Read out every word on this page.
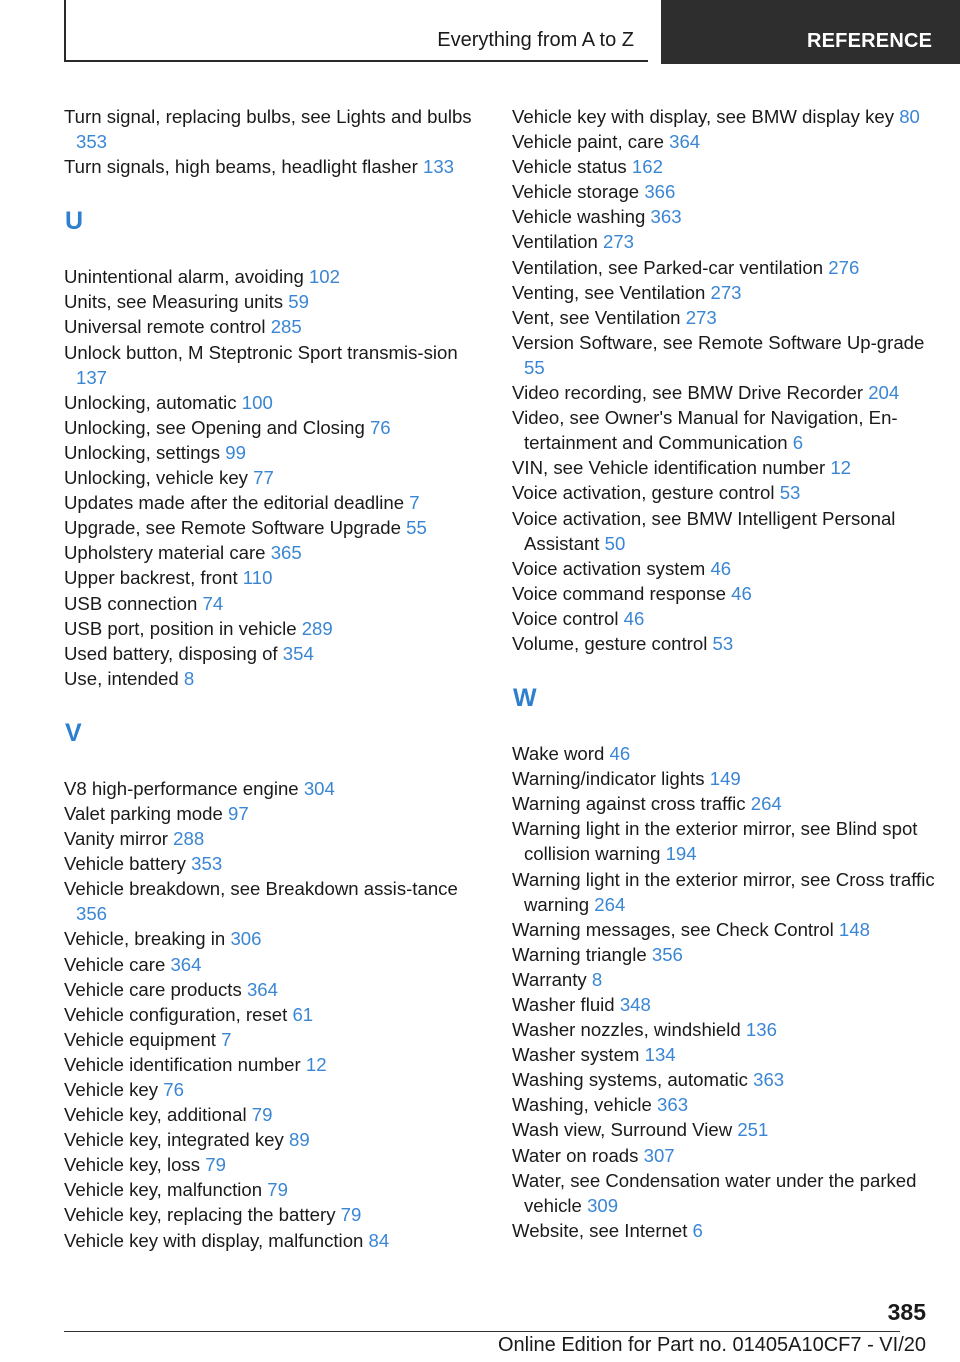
Everything from A to Z	REFERENCE
Turn signal, replacing bulbs, see Lights and bulbs 353
Turn signals, high beams, headlight flasher 133
U
Unintentional alarm, avoiding 102
Units, see Measuring units 59
Universal remote control 285
Unlock button, M Steptronic Sport transmis‐sion 137
Unlocking, automatic 100
Unlocking, see Opening and Closing 76
Unlocking, settings 99
Unlocking, vehicle key 77
Updates made after the editorial deadline 7
Upgrade, see Remote Software Upgrade 55
Upholstery material care 365
Upper backrest, front 110
USB connection 74
USB port, position in vehicle 289
Used battery, disposing of 354
Use, intended 8
V
V8 high-performance engine 304
Valet parking mode 97
Vanity mirror 288
Vehicle battery 353
Vehicle breakdown, see Breakdown assis‐tance 356
Vehicle, breaking in 306
Vehicle care 364
Vehicle care products 364
Vehicle configuration, reset 61
Vehicle equipment 7
Vehicle identification number 12
Vehicle key 76
Vehicle key, additional 79
Vehicle key, integrated key 89
Vehicle key, loss 79
Vehicle key, malfunction 79
Vehicle key, replacing the battery 79
Vehicle key with display, malfunction 84
Vehicle key with display, see BMW display key 80
Vehicle paint, care 364
Vehicle status 162
Vehicle storage 366
Vehicle washing 363
Ventilation 273
Ventilation, see Parked-car ventilation 276
Venting, see Ventilation 273
Vent, see Ventilation 273
Version Software, see Remote Software Up‐grade 55
Video recording, see BMW Drive Recorder 204
Video, see Owner's Manual for Navigation, En‐tertainment and Communication 6
VIN, see Vehicle identification number 12
Voice activation, gesture control 53
Voice activation, see BMW Intelligent Personal Assistant 50
Voice activation system 46
Voice command response 46
Voice control 46
Volume, gesture control 53
W
Wake word 46
Warning/indicator lights 149
Warning against cross traffic 264
Warning light in the exterior mirror, see Blind spot collision warning 194
Warning light in the exterior mirror, see Cross traffic warning 264
Warning messages, see Check Control 148
Warning triangle 356
Warranty 8
Washer fluid 348
Washer nozzles, windshield 136
Washer system 134
Washing systems, automatic 363
Washing, vehicle 363
Wash view, Surround View 251
Water on roads 307
Water, see Condensation water under the parked vehicle 309
Website, see Internet 6
385
Online Edition for Part no. 01405A10CF7 - VI/20
